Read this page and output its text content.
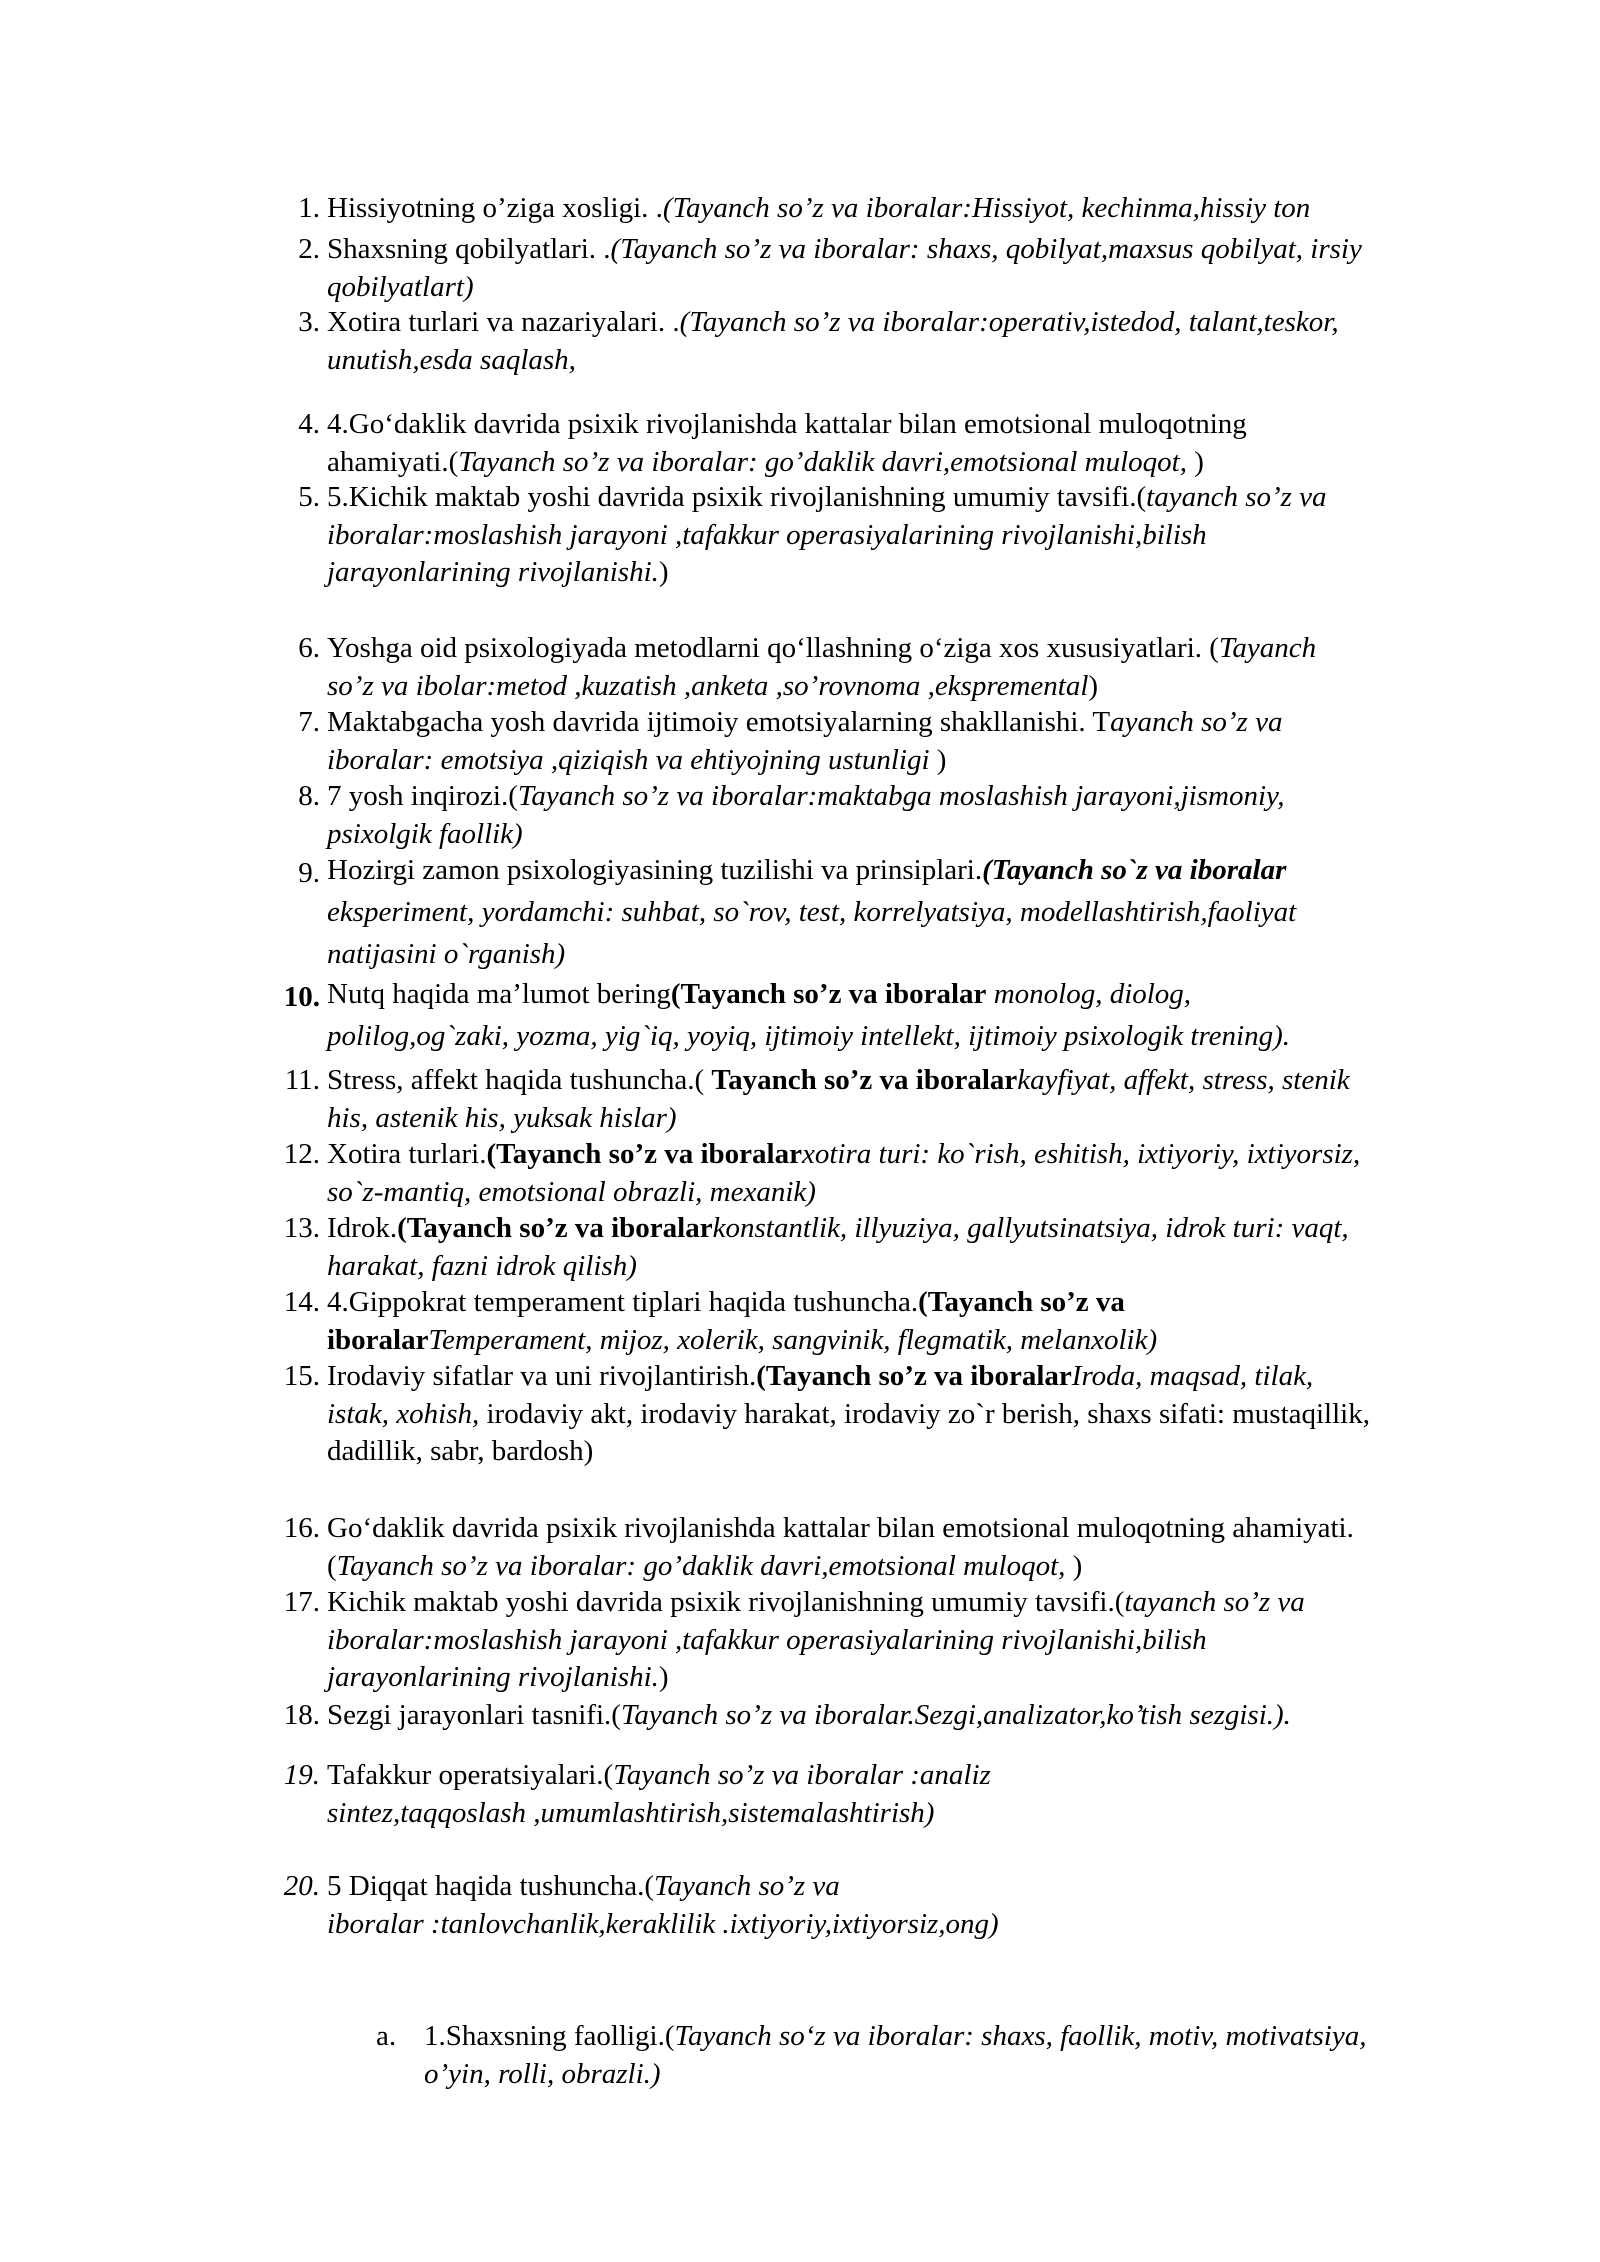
1. Hissiyotning o’ziga xosligi. .(Tayanch so’z va iboralar:Hissiyot, kechinma,hissiy ton
2. Shaxsning qobilyatlari. .(Tayanch so’z va iboralar: shaxs, qobilyat,maxsus qobilyat, irsiy
qobilyatlart)
3. Xotira turlari va nazariyalari. .(Tayanch so’z va iboralar:operativ,istedod, talant,teskor,
unutish,esda saqlash,
4. 4.Go‘daklik davrida psixik rivojlanishda kattalar bilan emotsional muloqotning
ahamiyati.(Tayanch so’z va iboralar: go’daklik davri,emotsional muloqot, )
5. 5.Kichik maktab yoshi davrida psixik rivojlanishning umumiy tavsifi.(tayanch so’z va
iboralar:moslashish jarayoni ,tafakkur operasiyalarining rivojlanishi,bilish
jarayonlarining rivojlanishi.)
6. Yoshga oid psixologiyada metodlarni qo‘llashning o‘ziga xos xususiyatlari. (Tayanch
so’z va ibolar:metod ,kuzatish ,anketa ,so’rovnoma ,ekspremental)
7. Maktabgacha yosh davrida ijtimoiy emotsiyalarning shakllanishi. Tayanch so’z va
iboralar: emotsiya ,qiziqish va ehtiyojning ustunligi )
8. 7 yosh inqirozi.(Tayanch so’z va iboralar:maktabga moslashish jarayoni,jismoniy,
psixolgik faollik)
9. Hozirgi zamon psixologiyasining tuzilishi va prinsiplari.(Tayanch so`z va iboralar
eksperiment, yordamchi: suhbat, so`rov, test, korrelyatsiya, modellashtirish,faoliyat
natijasini o`rganish)
10. Nutq haqida ma’lumot bering(Tayanch so’z va iboralar monolog, diolog,
polilog,og`zaki, yozma, yig`iq, yoyiq, ijtimoiy intellekt, ijtimoiy psixologik trening).
11. Stress, affekt haqida tushuncha.( Tayanch so’z va iboralarkayfiyat, affekt, stress, stenik
his, astenik his, yuksak hislar)
12. Xotira turlari.(Tayanch so’z va iboralarxotira turi: ko`rish, eshitish, ixtiyoriy, ixtiyorsiz,
so`z-mantiq, emotsional obrazli, mexanik)
13. Idrok.(Tayanch so’z va iboralarkonstantlik, illyuziya, gallyutsinatsiya, idrok turi: vaqt,
harakat, fazni idrok qilish)
14. 4.Gippokrat temperament tiplari haqida tushuncha.(Tayanch so’z va
iboralarTemperament, mijoz, xolerik, sangvinik, flegmatik, melanxolik)
15. Irodaviy sifatlar va uni rivojlantirish.(Tayanch so’z va iboralarIroda, maqsad, tilak,
istak, xohish, irodaviy akt, irodaviy harakat, irodaviy zo`r berish, shaxs sifati: mustaqillik,
dadillik, sabr, bardosh)
16. Go‘daklik davrida psixik rivojlanishda kattalar bilan emotsional muloqotning ahamiyati.
(Tayanch so’z va iboralar: go’daklik davri,emotsional muloqot, )
17. Kichik maktab yoshi davrida psixik rivojlanishning umumiy tavsifi.(tayanch so’z va
iboralar:moslashish jarayoni ,tafakkur operasiyalarining rivojlanishi,bilish
jarayonlarining rivojlanishi.)
18. Sezgi jarayonlari tasnifi.(Tayanch so’z va iboralar.Sezgi,analizator,ko’tish sezgisi.).
19. Tafakkur operatsiyalari.(Tayanch so’z va iboralar :analiz
sintez,taqqoslash ,umumlashtirish,sistemalashtirish)
20. 5 Diqqat haqida tushuncha.(Tayanch so’z va
iboralar :tanlovchanlik,keraklilik .ixtiyoriy,ixtiyorsiz,ong)
a. 1.Shaxsning faolligi.(Tayanch so‘z va iboralar: shaxs, faollik, motiv, motivatsiya,
o’yin, rolli, obrazli.)
